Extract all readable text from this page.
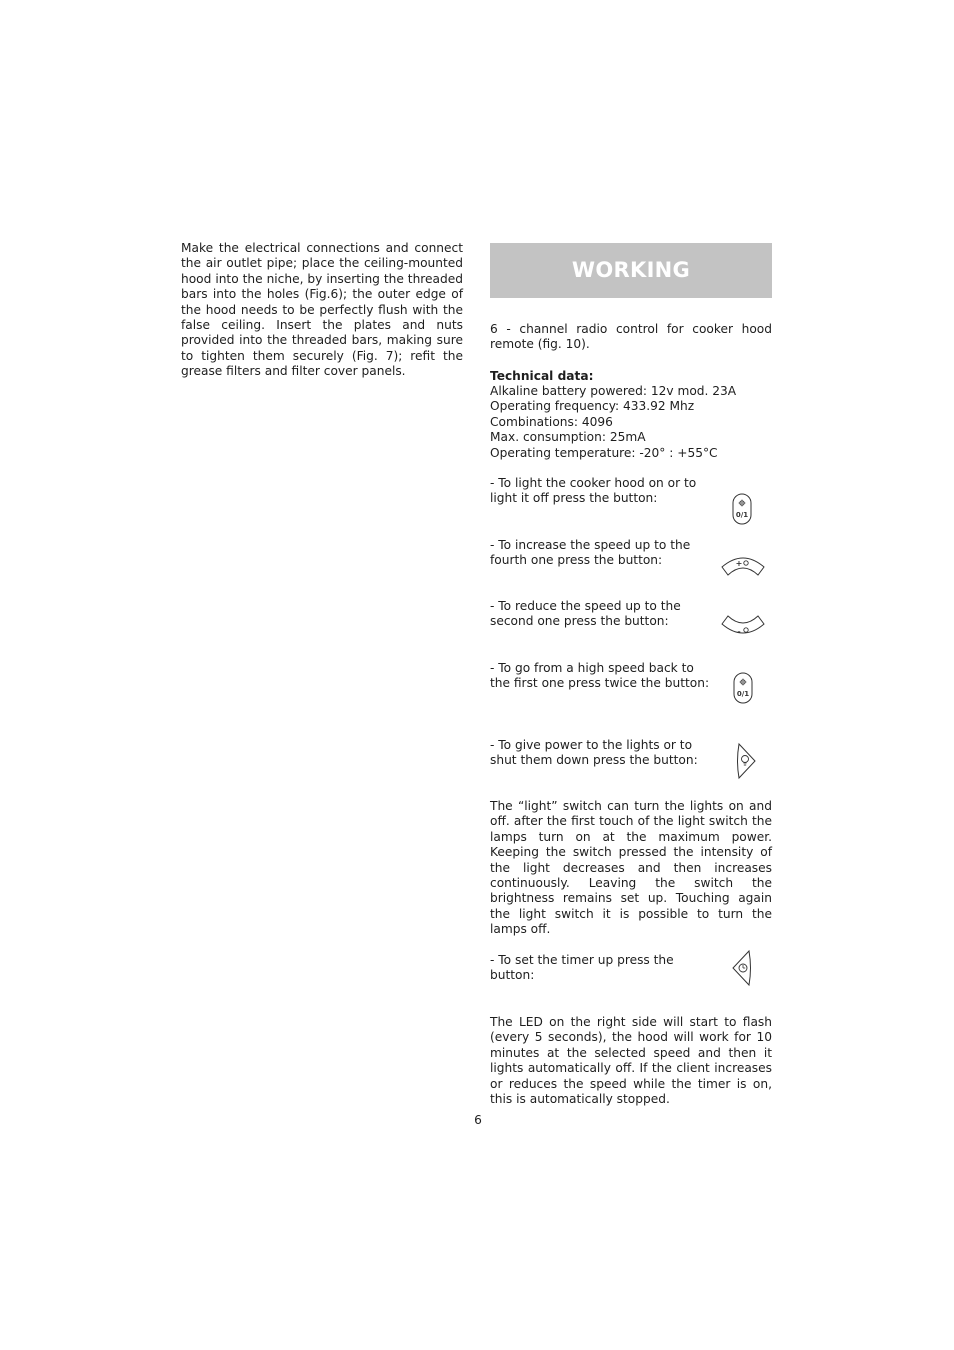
Make the electrical connections and connect the air outlet pipe; place the ceiling-mounted hood into the niche, by inserting the threaded bars into the holes (Fig.6); the outer edge of the hood needs to be perfectly flush with the false ceiling. Insert the plates and nuts provided into the threaded bars, making sure to tighten them securely (Fig. 7); refit the grease filters and filter cover panels.
WORKING
6 - channel radio control for cooker hood remote (fig. 10).
Technical data:
Alkaline battery powered: 12v mod. 23A
Operating frequency: 433.92 Mhz
Combinations: 4096
Max. consumption: 25mA
Operating temperature: -20° : +55°C
- To light the cooker hood on or to
light it off press the button:
0/1
- To increase the speed up to the
fourth one press the button:	+
- To reduce the speed up to the
second one press the button:
-
- To go from a high speed back to
the first one press twice the button:
0/1
- To give power to the lights or to
shut them down press the button:
The “light” switch can turn the lights on and off. after the first touch of the light switch the lamps turn on at the maximum power. Keeping the switch pressed the intensity of the light decreases and then increases continuously. Leaving the switch the brightness remains set up. Touching again the light switch it is possible to turn the lamps off.
- To set the timer up press the
button:
The LED on the right side will start to flash (every 5 seconds), the hood will work for 10 minutes at the selected speed and then it lights automatically off. If the client increases or reduces the speed while the timer is on, this is automatically stopped.
6
